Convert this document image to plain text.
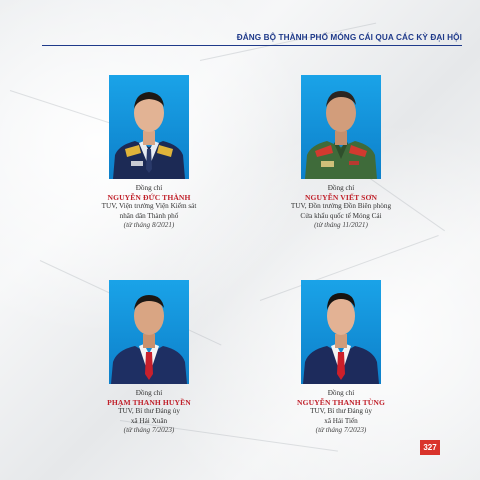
ĐẢNG BỘ THÀNH PHỐ MÓNG CÁI QUA CÁC KỲ ĐẠI HỘI
Đồng chí
NGUYỄN ĐỨC THÀNH
TUV, Viện trưởng Viện Kiểm sát
nhân dân Thành phố
(từ tháng 8/2021)
Đồng chí
NGUYỄN VIẾT SƠN
TUV, Đồn trưởng Đồn Biên phòng
Cửa khẩu quốc tế Móng Cái
(từ tháng 11/2021)
Đồng chí
PHẠM THANH HUYỀN
TUV, Bí thư Đảng ủy
xã Hải Xuân
(từ tháng 7/2023)
Đồng chí
NGUYỄN THANH TÙNG
TUV, Bí thư Đảng ủy
xã Hải Tiến
(từ tháng 7/2023)
327
